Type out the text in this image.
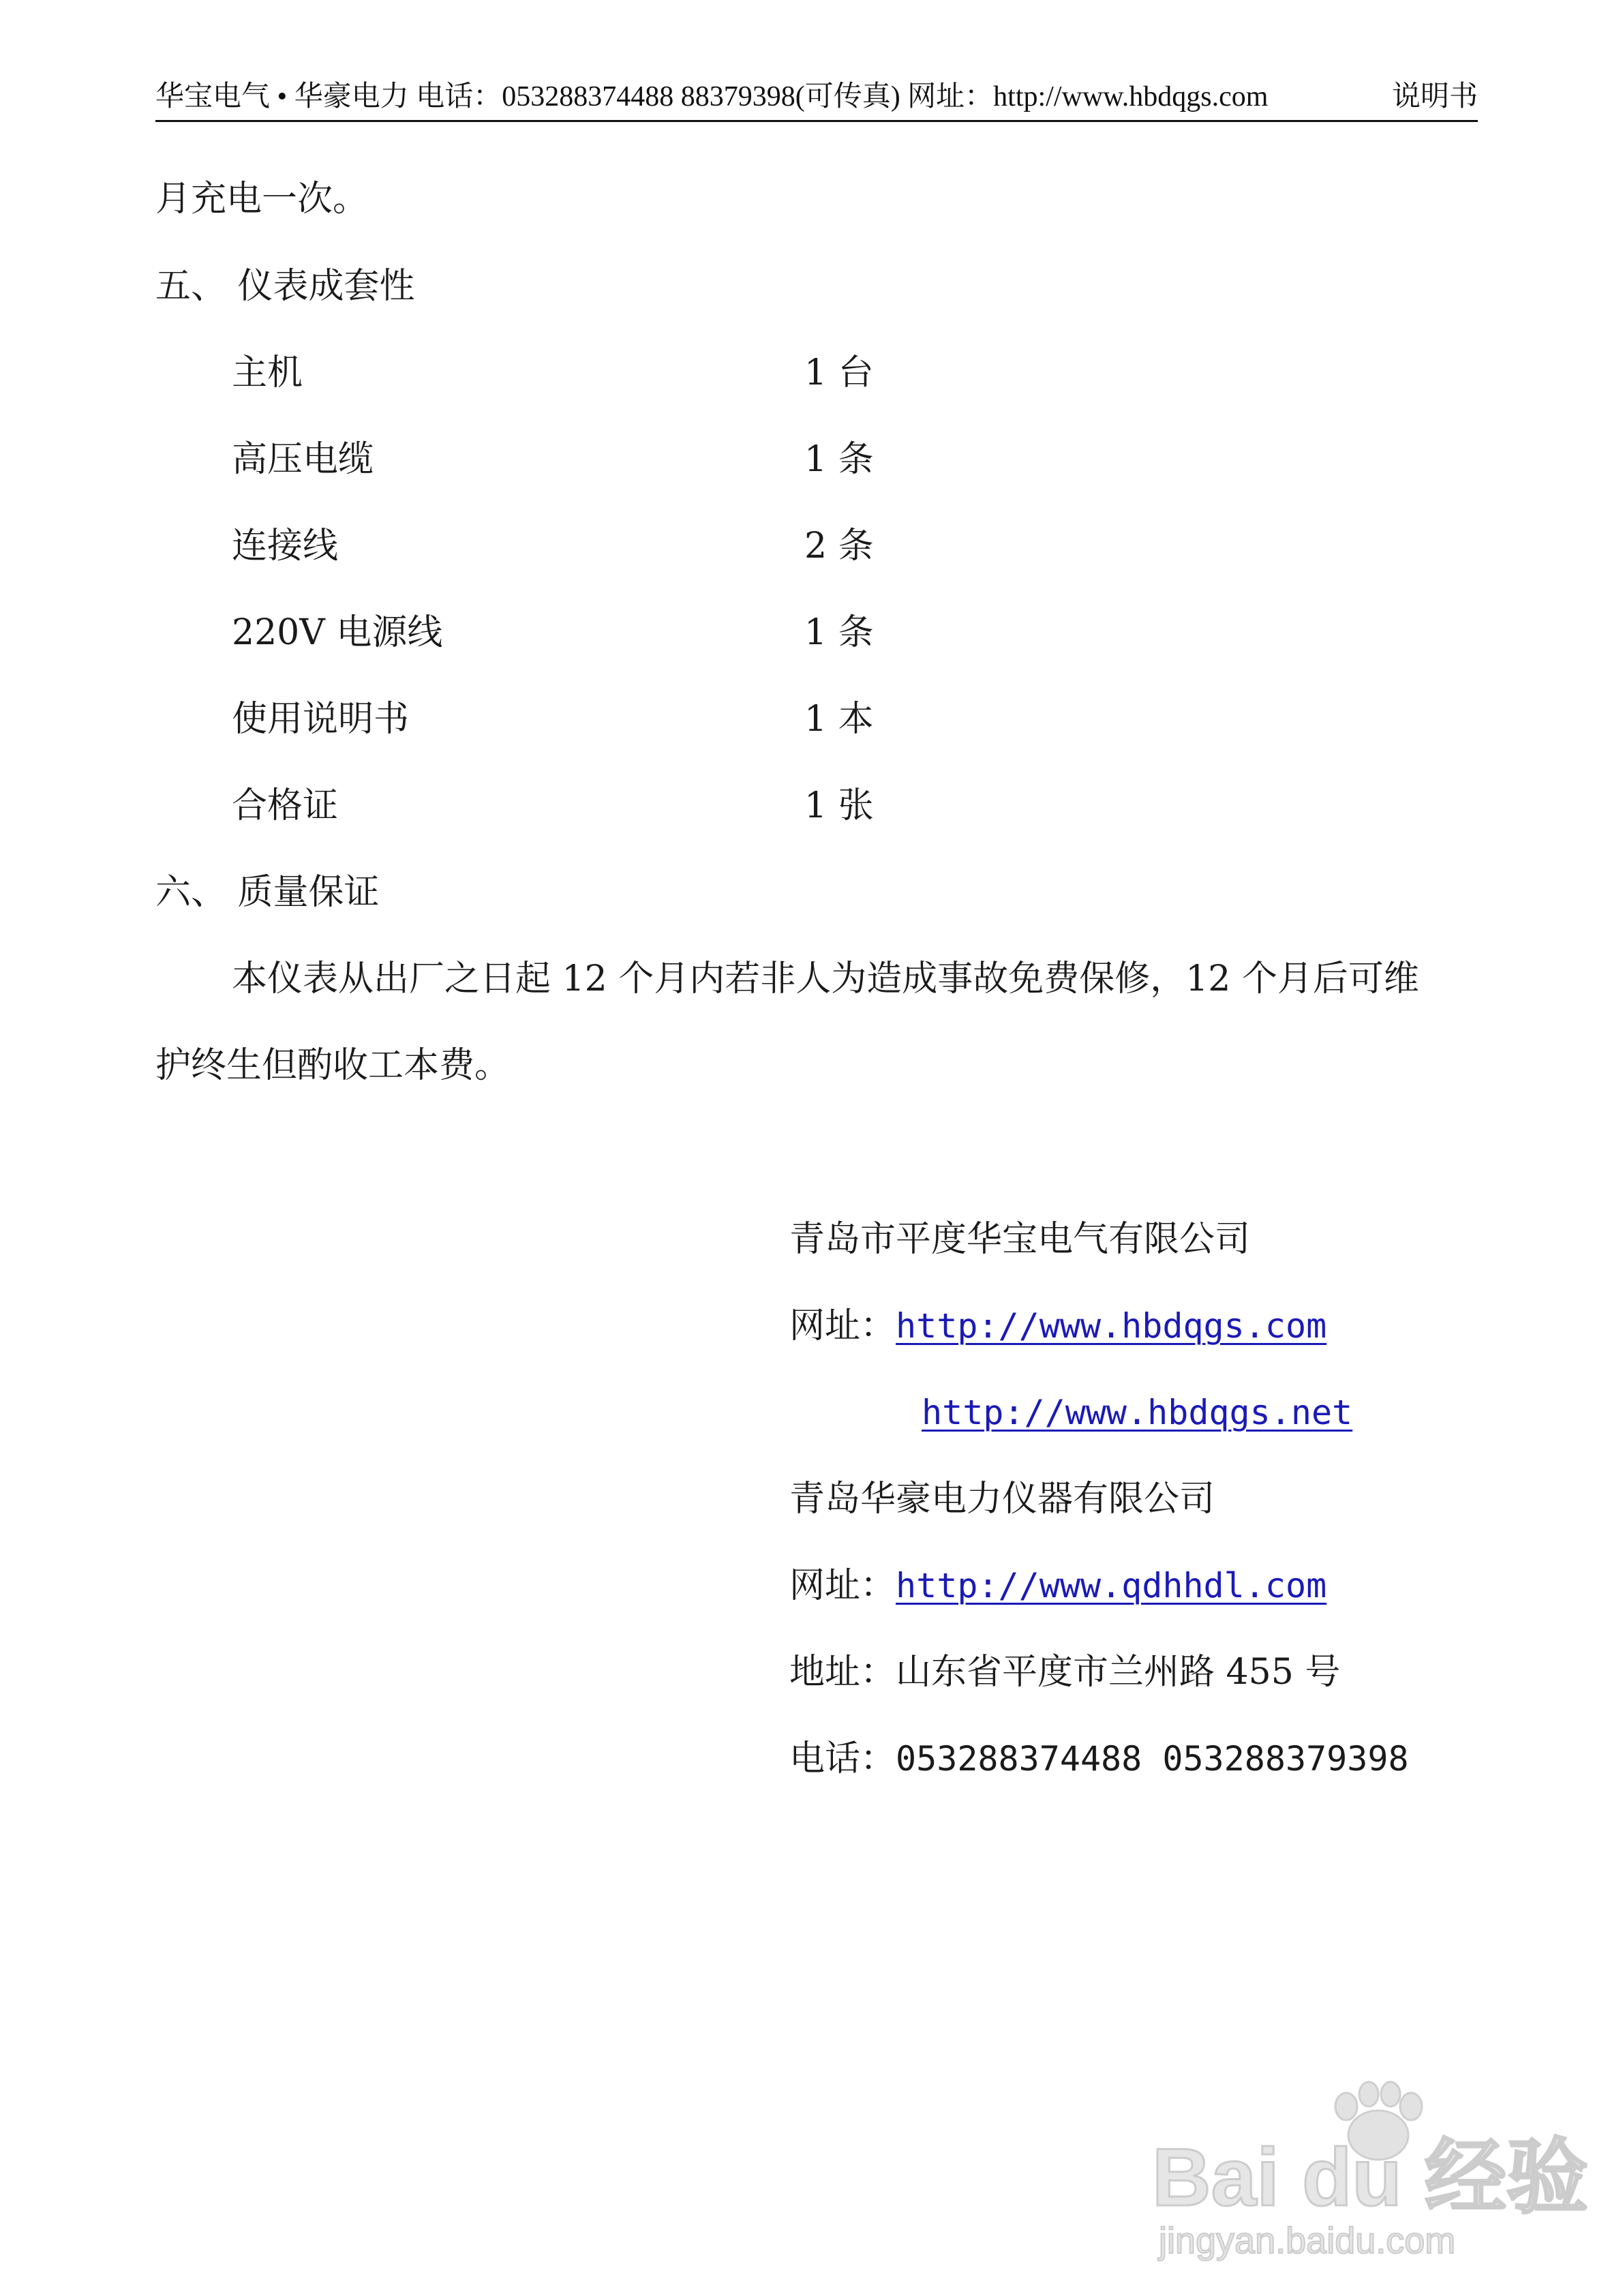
华宝电气 • 华豪电力 电话：053288374488 88379398(可传真) 网址：http://www.hbdqgs.com	说明书
月充电一次。
五、 仪表成套性
主机	1 台
高压电缆	1 条
连接线	2 条
220V 电源线	1 条
使用说明书	1 本
合格证	1 张
六、 质量保证
本仪表从出厂之日起 12 个月内若非人为造成事故免费保修，12 个月后可维
护终生但酌收工本费。
青岛市平度华宝电气有限公司
网址：http://www.hbdqgs.com
http://www.hbdqgs.net
青岛华豪电力仪器有限公司
网址：http://www.qdhhdl.com
地址：山东省平度市兰州路 455 号
电话：053288374488 053288379398
Bai du 经验
jingyan.baidu.com
